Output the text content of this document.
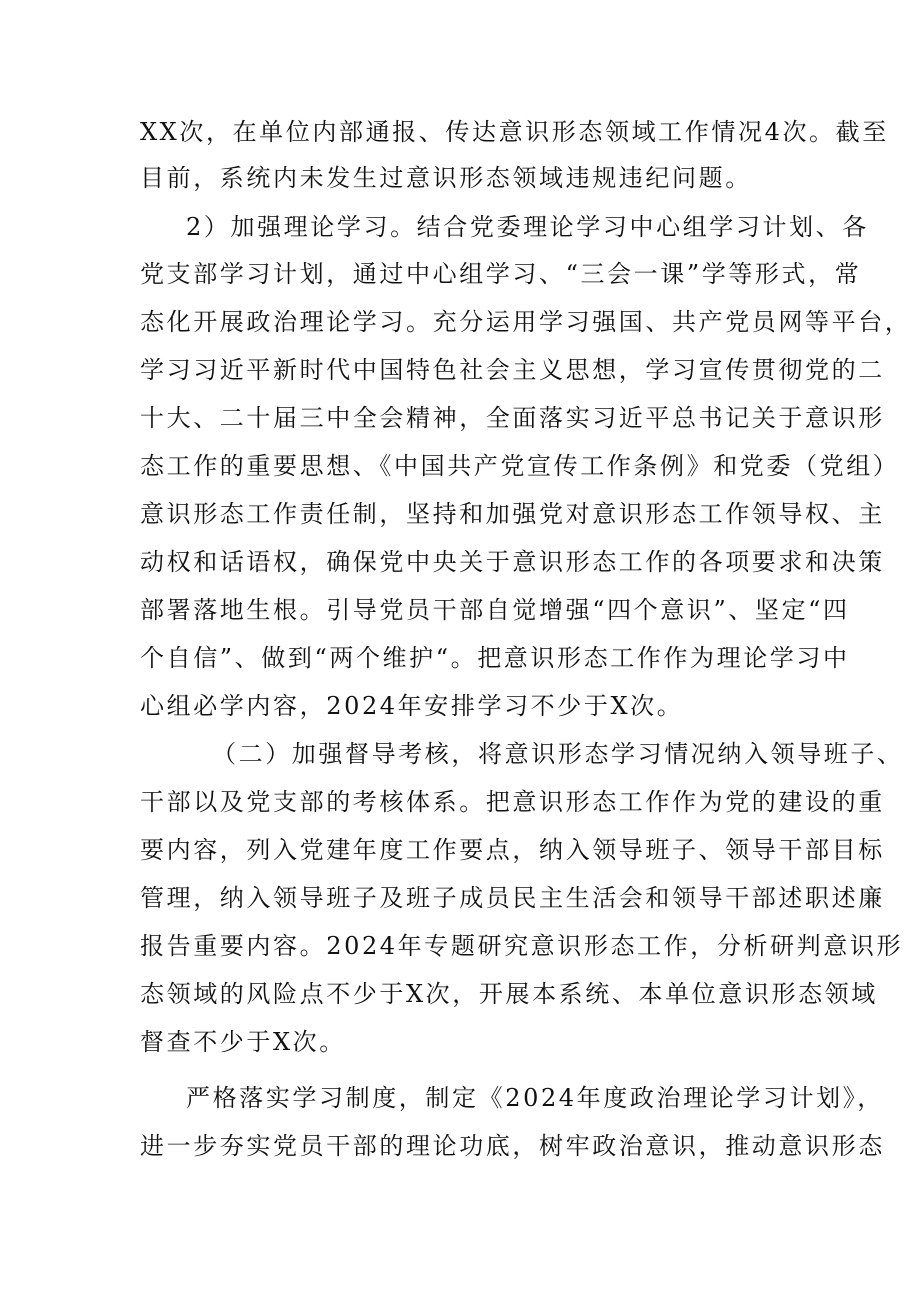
XX次，在单位内部通报、传达意识形态领域工作情况4次。截至
目前，系统内未发生过意识形态领域违规违纪问题。
2）加强理论学习。结合党委理论学习中心组学习计划、各
党支部学习计划，通过中心组学习、“三会一课”学等形式，常
态化开展政治理论学习。充分运用学习强国、共产党员网等平台，
学习习近平新时代中国特色社会主义思想，学习宣传贯彻党的二
十大、二十届三中全会精神，全面落实习近平总书记关于意识形
态工作的重要思想、《中国共产党宣传工作条例》和党委（党组）
意识形态工作责任制，坚持和加强党对意识形态工作领导权、主
动权和话语权，确保党中央关于意识形态工作的各项要求和决策
部署落地生根。引导党员干部自觉增强“四个意识”、坚定“四
个自信”、做到“两个维护“。把意识形态工作作为理论学习中
心组必学内容，2024年安排学习不少于X次。
（二）加强督导考核，将意识形态学习情况纳入领导班子、
干部以及党支部的考核体系。把意识形态工作作为党的建设的重
要内容，列入党建年度工作要点，纳入领导班子、领导干部目标
管理，纳入领导班子及班子成员民主生活会和领导干部述职述廉
报告重要内容。2024年专题研究意识形态工作，分析研判意识形
态领域的风险点不少于X次，开展本系统、本单位意识形态领域
督查不少于X次。
严格落实学习制度，制定《2024年度政治理论学习计划》，
进一步夯实党员干部的理论功底，树牢政治意识，推动意识形态
